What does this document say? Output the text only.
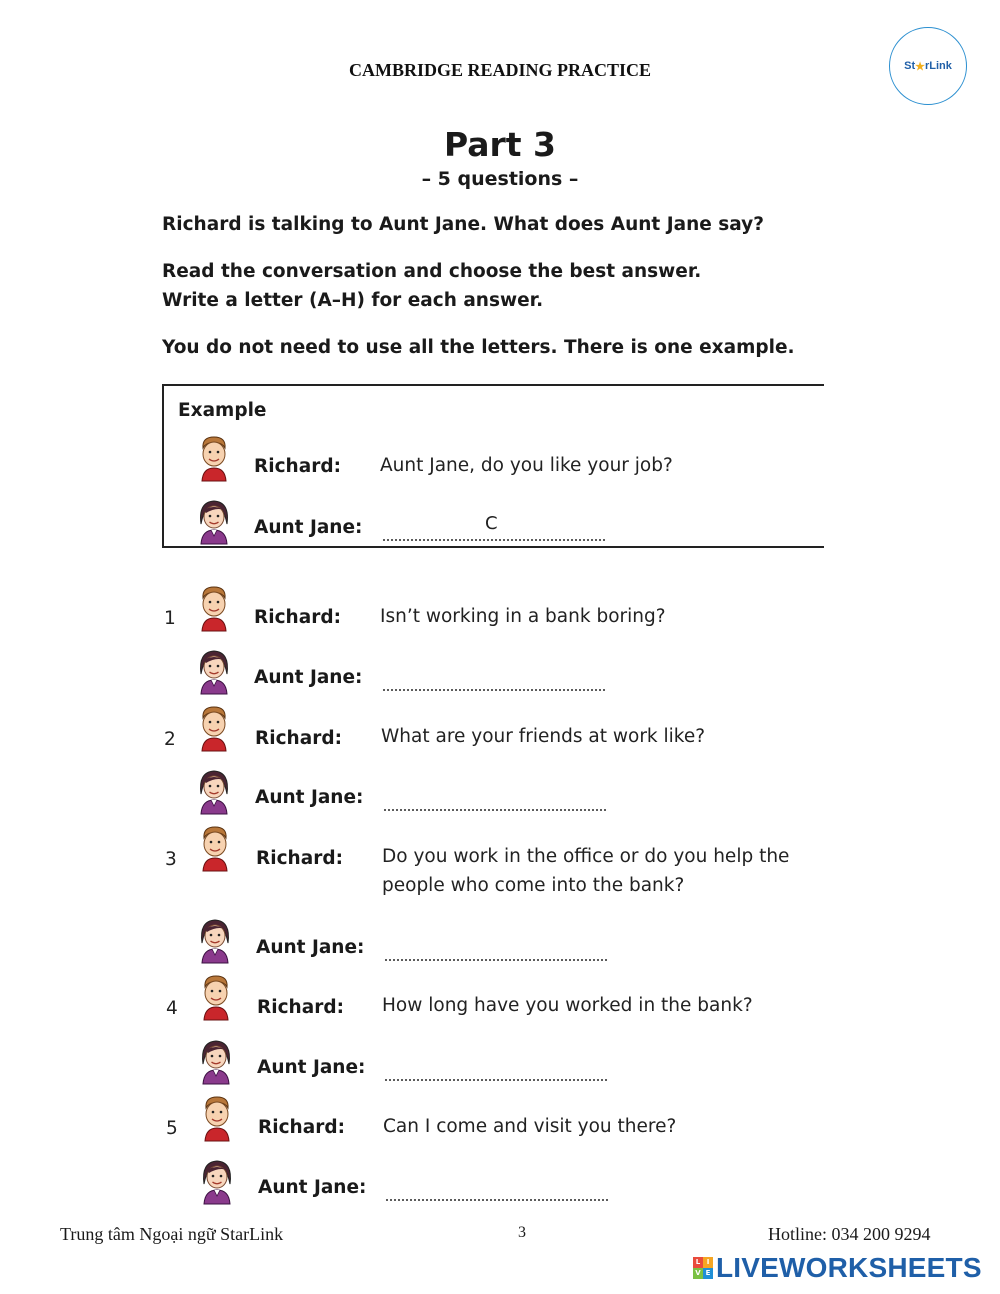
CAMBRIDGE READING PRACTICE	St ★ rLink
Part 3
– 5 questions –
Richard is talking to Aunt Jane. What does Aunt Jane say?
Read the conversation and choose the best answer.
Write a letter (A–H) for each answer.
You do not need to use all the letters. There is one example.
Example
Richard: Aunt Jane, do you like your job?
Aunt Jane:	C
1	Richard: Isn’t working in a bank boring?
Aunt Jane:
2	Richard: What are your friends at work like?
Aunt Jane:
3	Richard: Do you work in the office or do you help the people who come into the bank?
Aunt Jane:
4	Richard: How long have you worked in the bank?
Aunt Jane:
5	Richard: Can I come and visit you there?
Aunt Jane:
Trung tâm Ngoại ngữ StarLink	3	Hotline: 034 200 9294
L I
V E LIVEWORKSHEETS
